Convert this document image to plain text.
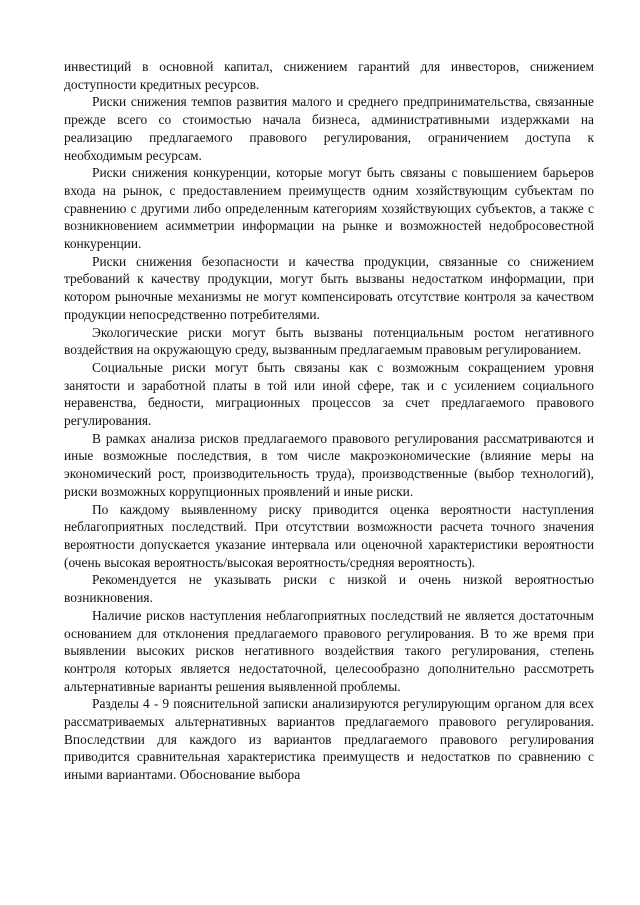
инвестиций в основной капитал, снижением гарантий для инвесторов, снижением доступности кредитных ресурсов.

Риски снижения темпов развития малого и среднего предпринимательства, связанные прежде всего со стоимостью начала бизнеса, административными издержками на реализацию предлагаемого правового регулирования, ограничением доступа к необходимым ресурсам.

Риски снижения конкуренции, которые могут быть связаны с повышением барьеров входа на рынок, с предоставлением преимуществ одним хозяйствующим субъектам по сравнению с другими либо определенным категориям хозяйствующих субъектов, а также с возникновением асимметрии информации на рынке и возможностей недобросовестной конкуренции.

Риски снижения безопасности и качества продукции, связанные со снижением требований к качеству продукции, могут быть вызваны недостатком информации, при котором рыночные механизмы не могут компенсировать отсутствие контроля за качеством продукции непосредственно потребителями.

Экологические риски могут быть вызваны потенциальным ростом негативного воздействия на окружающую среду, вызванным предлагаемым правовым регулированием.

Социальные риски могут быть связаны как с возможным сокращением уровня занятости и заработной платы в той или иной сфере, так и с усилением социального неравенства, бедности, миграционных процессов за счет предлагаемого правового регулирования.

В рамках анализа рисков предлагаемого правового регулирования рассматриваются и иные возможные последствия, в том числе макроэкономические (влияние меры на экономический рост, производительность труда), производственные (выбор технологий), риски возможных коррупционных проявлений и иные риски.

По каждому выявленному риску приводится оценка вероятности наступления неблагоприятных последствий. При отсутствии возможности расчета точного значения вероятности допускается указание интервала или оценочной характеристики вероятности (очень высокая вероятность/высокая вероятность/средняя вероятность).

Рекомендуется не указывать риски с низкой и очень низкой вероятностью возникновения.

Наличие рисков наступления неблагоприятных последствий не является достаточным основанием для отклонения предлагаемого правового регулирования. В то же время при выявлении высоких рисков негативного воздействия такого регулирования, степень контроля которых является недостаточной, целесообразно дополнительно рассмотреть альтернативные варианты решения выявленной проблемы.

Разделы 4 - 9 пояснительной записки анализируются регулирующим органом для всех рассматриваемых альтернативных вариантов предлагаемого правового регулирования. Впоследствии для каждого из вариантов предлагаемого правового регулирования приводится сравнительная характеристика преимуществ и недостатков по сравнению с иными вариантами. Обоснование выбора
